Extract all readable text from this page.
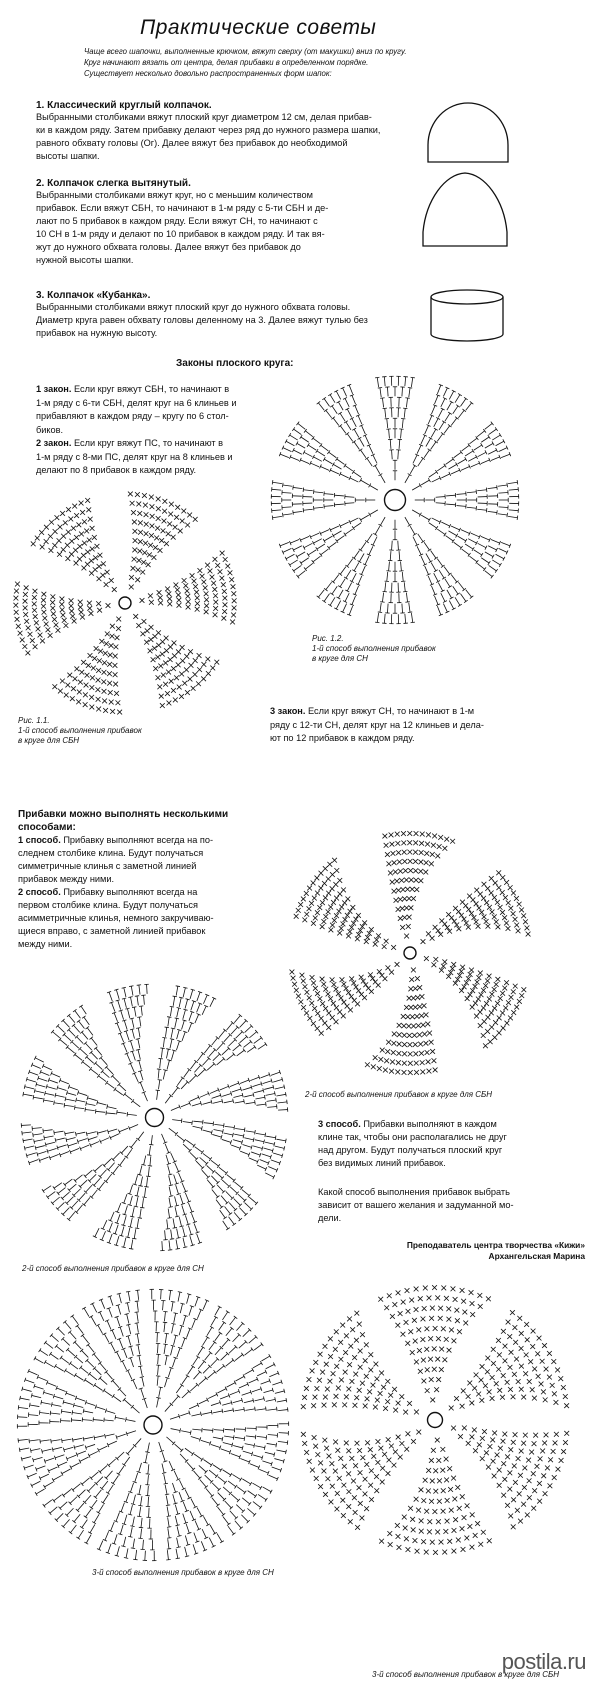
Практические советы
Чаще всего шапочки, выполненные крючком, вяжут сверху (от макушки) вниз по кругу.
Круг начинают вязать от центра, делая прибавки в определенном порядке.
Существует несколько довольно распространенных форм шапок:
1. Классический круглый колпачок.
Выбранными столбиками вяжут плоский круг диаметром 12 см, делая прибав-
ки в каждом ряду. Затем прибавку делают через ряд до нужного размера шапки,
равного обхвату головы (Ог). Далее вяжут без прибавок до необходимой
высоты шапки.
2. Колпачок слегка вытянутый.
Выбранными столбиками вяжут круг, но с меньшим количеством
прибавок. Если вяжут СБН, то начинают в 1-м ряду с 5-ти СБН и де-
лают по 5 прибавок в каждом ряду. Если вяжут СН, то начинают с
10 СН в 1-м ряду и делают по 10 прибавок в каждом ряду. И так вя-
жут до нужного обхвата головы. Далее вяжут без прибавок до
нужной высоты шапки.
3. Колпачок «Кубанка».
Выбранными столбиками вяжут плоский круг до нужного обхвата головы.
Диаметр круга равен обхвату головы деленному на 3. Далее вяжут тулью без
прибавок на нужную высоту.
Законы плоского круга:
1 закон. Если круг вяжут СБН, то начинают в
1-м ряду с 6-ти СБН, делят круг на 6 клиньев и
прибавляют в каждом ряду – кругу по 6 стол-
биков.
2 закон. Если круг вяжут ПС, то начинают в
1-м ряду с 8-ми ПС, делят круг на 8 клиньев и
делают по 8 прибавок в каждом ряду.
Рис. 1.1.
1-й способ выполнения прибавок
в круге для СБН
Рис. 1.2.
1-й способ выполнения прибавок
в круге для СН
3 закон. Если круг вяжут СН, то начинают в 1-м
ряду с 12-ти СН, делят круг на 12 клиньев и дела-
ют по 12 прибавок в каждом ряду.
Прибавки можно выполнять несколькими
способами:
1 способ. Прибавку выполняют всегда на по-
следнем столбике клина. Будут получаться
симметричные клинья с заметной линией
прибавок между ними.
2 способ. Прибавку выполняют всегда на
первом столбике клина. Будут получаться
асимметричные клинья, немного закручиваю-
щиеся вправо, с заметной линией прибавок
между ними.
2-й способ выполнения прибавок в круге для СБН
3 способ. Прибавки выполняют в каждом
клине так, чтобы они располагались не друг
над другом. Будут получаться плоский круг
без видимых линий прибавок.
Какой способ выполнения прибавок выбрать
зависит от вашего желания и задуманной мо-
дели.
Преподаватель центра творчества «Кижи»
Архангельская Марина
2-й способ выполнения прибавок в круге для СН
3-й способ выполнения прибавок в круге для СН
3-й способ выполнения прибавок в круге для СБН
postila.ru
